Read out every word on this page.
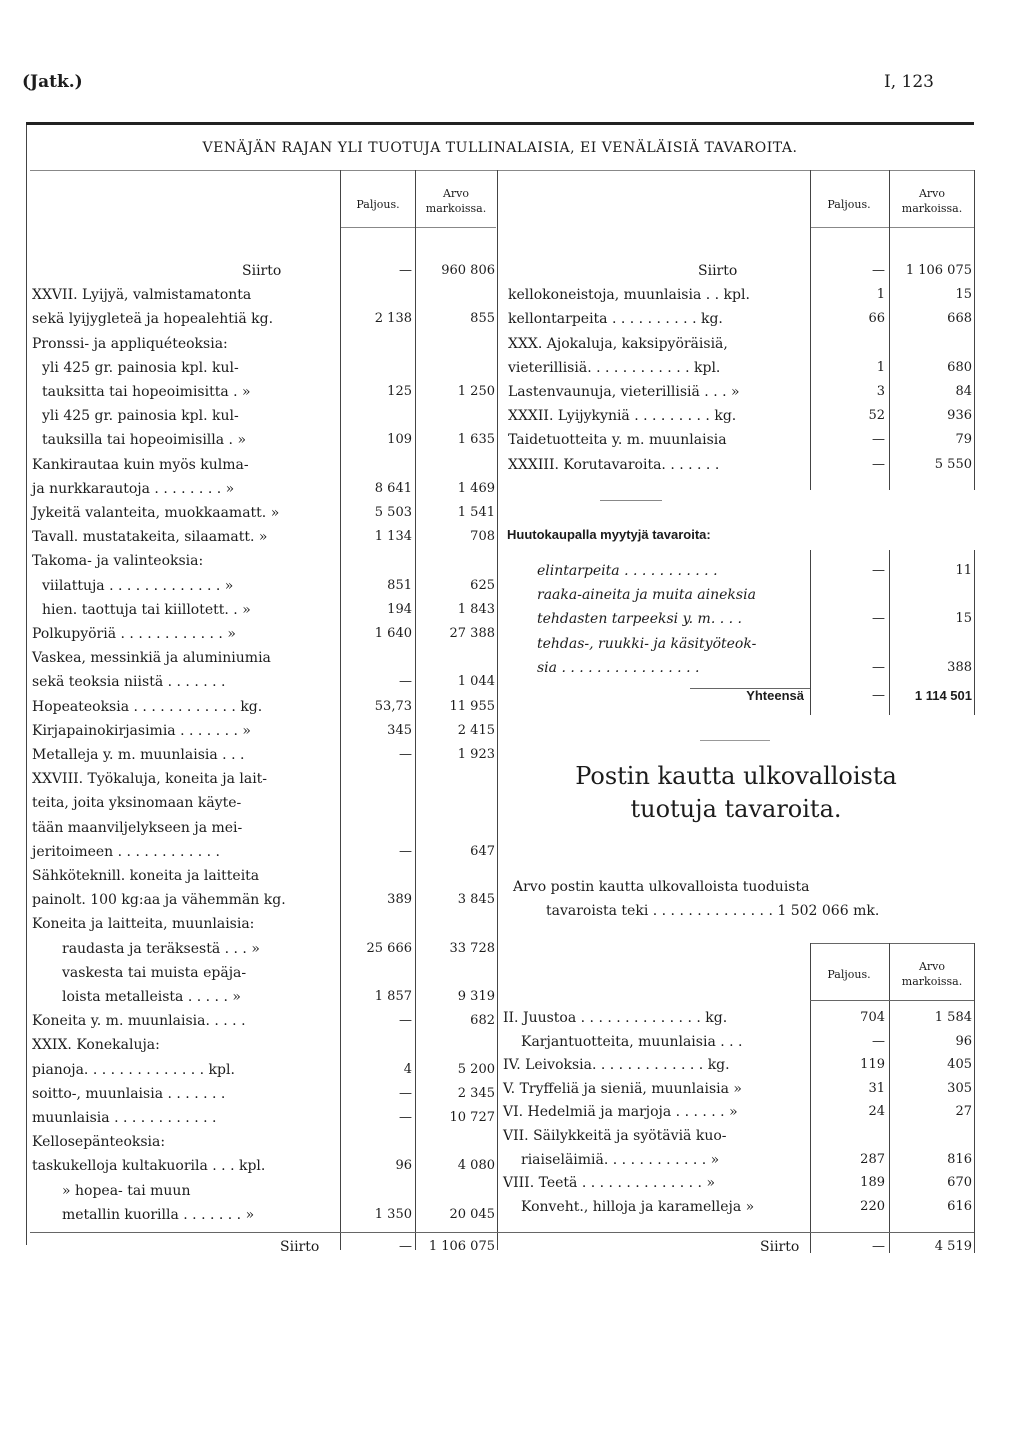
(Jatk.)	I, 123
VENÄJÄN RAJAN YLI TUOTUJA TULLINALAISIA, EI VENÄLÄISIÄ TAVAROITA.
Paljous.
Arvo
markoissa.	Paljous.
Arvo
markoissa.
Siirto	—	960 806
XXVII. Lyijyä, valmistamatonta
sekä lyijygleteä ja hopealehtiä kg.	2 138	855
Pronssi- ja appliquéteoksia:
yli 425 gr. painosia kpl. kul-
tauksitta tai hopeoimisitta . »	125	1 250
yli 425 gr. painosia kpl. kul-
tauksilla tai hopeoimisilla . »	109	1 635
Kankirautaa kuin myös kulma-
ja nurkkarautoja . . . . . . . . »	8 641	1 469
Jykeitä valanteita, muokkaamatt. »	5 503	1 541
Tavall. mustatakeita, silaamatt. »	1 134	708
Takoma- ja valinteoksia:
viilattuja . . . . . . . . . . . . . »	851	625
hien. taottuja tai kiillotett. . »	194	1 843
Polkupyöriä . . . . . . . . . . . . »	1 640	27 388
Vaskea, messinkiä ja aluminiumia
sekä teoksia niistä . . . . . . .	—	1 044
Hopeateoksia . . . . . . . . . . . . kg.	53,73	11 955
Kirjapainokirjasimia . . . . . . . »	345	2 415
Metalleja y. m. muunlaisia . . .	—	1 923
XXVIII. Työkaluja, koneita ja lait-
teita, joita yksinomaan käyte-
tään maanviljelykseen ja mei-
jeritoimeen . . . . . . . . . . . .	—	647
Sähköteknill. koneita ja laitteita
painolt. 100 kg:aa ja vähemmän kg.	389	3 845
Koneita ja laitteita, muunlaisia:
raudasta ja teräksestä . . . »	25 666	33 728
vaskesta tai muista epäja-
loista metalleista . . . . . »	1 857	9 319
Koneita y. m. muunlaisia. . . . .	—	682
XXIX. Konekaluja:
pianoja. . . . . . . . . . . . . . kpl.	4	5 200
soitto-, muunlaisia . . . . . . .	—	2 345
muunlaisia . . . . . . . . . . . .	—	10 727
Kellosepänteoksia:
taskukelloja kultakuorila . . . kpl.	96	4 080
» hopea- tai muun
metallin kuorilla . . . . . . . »	1 350	20 045
Siirto	—	1 106 075
kellokoneistoja, muunlaisia . . kpl.	1	15
kellontarpeita . . . . . . . . . . kg.	66	668
XXX. Ajokaluja, kaksipyöräisiä,
vieterillisiä. . . . . . . . . . . . kpl.	1	680
Lastenvaunuja, vieterillisiä . . . »	3	84
XXXII. Lyijykyniä . . . . . . . . . kg.	52	936
Taidetuotteita y. m. muunlaisia	—	79
XXXIII. Korutavaroita. . . . . . .	—	5 550
Huutokaupalla myytyjä tavaroita:
elintarpeita . . . . . . . . . . .	—	11
raaka-aineita ja muita aineksia
tehdasten tarpeeksi y. m. . . .	—	15
tehdas-, ruukki- ja käsityöteok-
sia . . . . . . . . . . . . . . . .	—	388
Yhteensä	—	1 114 501
Postin kautta ulkovalloista
tuotuja tavaroita.
Arvo postin kautta ulkovalloista tuoduista
tavaroista teki . . . . . . . . . . . . . . 1 502 066 mk.
Paljous.
Arvo
markoissa.
II. Juustoa . . . . . . . . . . . . . . kg.	704	1 584
Karjantuotteita, muunlaisia . . .	—	96
IV. Leivoksia. . . . . . . . . . . . . kg.	119	405
V. Tryffeliä ja sieniä, muunlaisia »	31	305
VI. Hedelmiä ja marjoja . . . . . . »	24	27
VII. Säilykkeitä ja syötäviä kuo-
riaiseläimiä. . . . . . . . . . . . »	287	816
VIII. Teetä . . . . . . . . . . . . . . »	189	670
Konveht., hilloja ja karamelleja »	220	616
Siirto	—	1 106 075	Siirto	—	4 519
